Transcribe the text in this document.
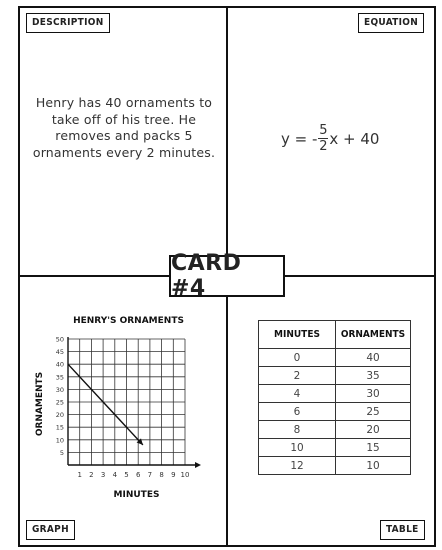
DESCRIPTION	EQUATION
GRAPH	TABLE
Henry has 40 ornaments to take off of his tree. He removes and packs 5 ornaments every 2 minutes.
y = - $\frac{5}{2}$ x + 40
CARD #4
1 2 3 4 5 6 7 8 9 10
5
10
15
20
25
30
35
40
45
50
HENRY'S ORNAMENTS
MINUTES
ORNAMENTS
MINUTES	ORNAMENTS
0	40
2	35
4	30
6	25
8	20
10	15
12	10
